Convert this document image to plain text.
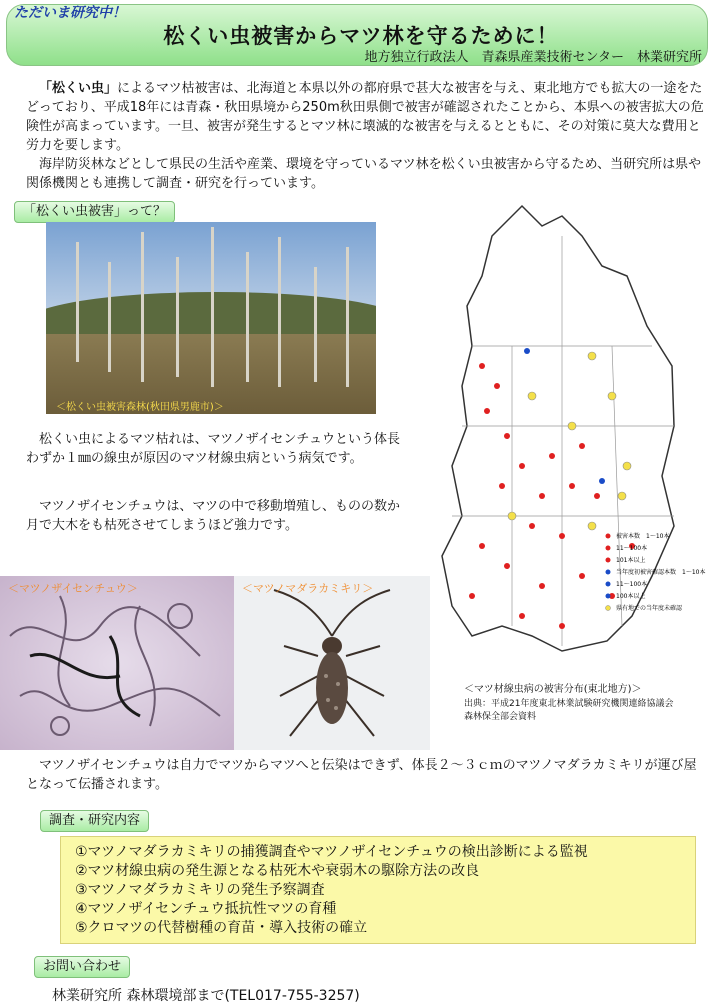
ただいま研究中！
松くい虫被害からマツ林を守るために！
地方独立行政法人　青森県産業技術センター　林業研究所
「松くい虫」によるマツ枯被害は、北海道と本県以外の都府県で甚大な被害を与え、東北地方でも拡大の一途をたどっており、平成18年には青森・秋田県境から250m秋田県側で被害が確認されたことから、本県への被害拡大の危険性が高まっています。一旦、被害が発生するとマツ林に壊滅的な被害を与えるとともに、その対策に莫大な費用と労力を要します。
海岸防災林などとして県民の生活や産業、環境を守っているマツ林を松くい虫被害から守るため、当研究所は県や関係機関とも連携して調査・研究を行っています。
「松くい虫被害」って？
＜松くい虫被害森林(秋田県男鹿市)＞
松くい虫によるマツ枯れは、マツノザイセンチュウという体長わずか１㎜の線虫が原因のマツ材線虫病という病気です。
マツノザイセンチュウは、マツの中で移動増殖し、ものの数か月で大木をも枯死させてしまうほど強力です。
＜マツノザイセンチュウ＞	＜マツノマダラカミキリ＞
被害本数　1〜10本
11〜100本
101本以上
当年度初被害確認本数　1〜10本
11〜100本
100本以上
県有地での当年度未確認
＜マツ材線虫病の被害分布(東北地方)＞
出典：平成21年度東北林業試験研究機関連絡協議会
森林保全部会資料
マツノザイセンチュウは自力でマツからマツへと伝染はできず、体長２〜３ｃｍのマツノマダラカミキリが運び屋となって伝播されます。
調査・研究内容
①マツノマダラカミキリの捕獲調査やマツノザイセンチュウの検出診断による監視
②マツ材線虫病の発生源となる枯死木や衰弱木の駆除方法の改良
③マツノマダラカミキリの発生予察調査
④マツノザイセンチュウ抵抗性マツの育種
⑤クロマツの代替樹種の育苗・導入技術の確立
お問い合わせ
林業研究所 森林環境部まで(TEL017-755-3257)
